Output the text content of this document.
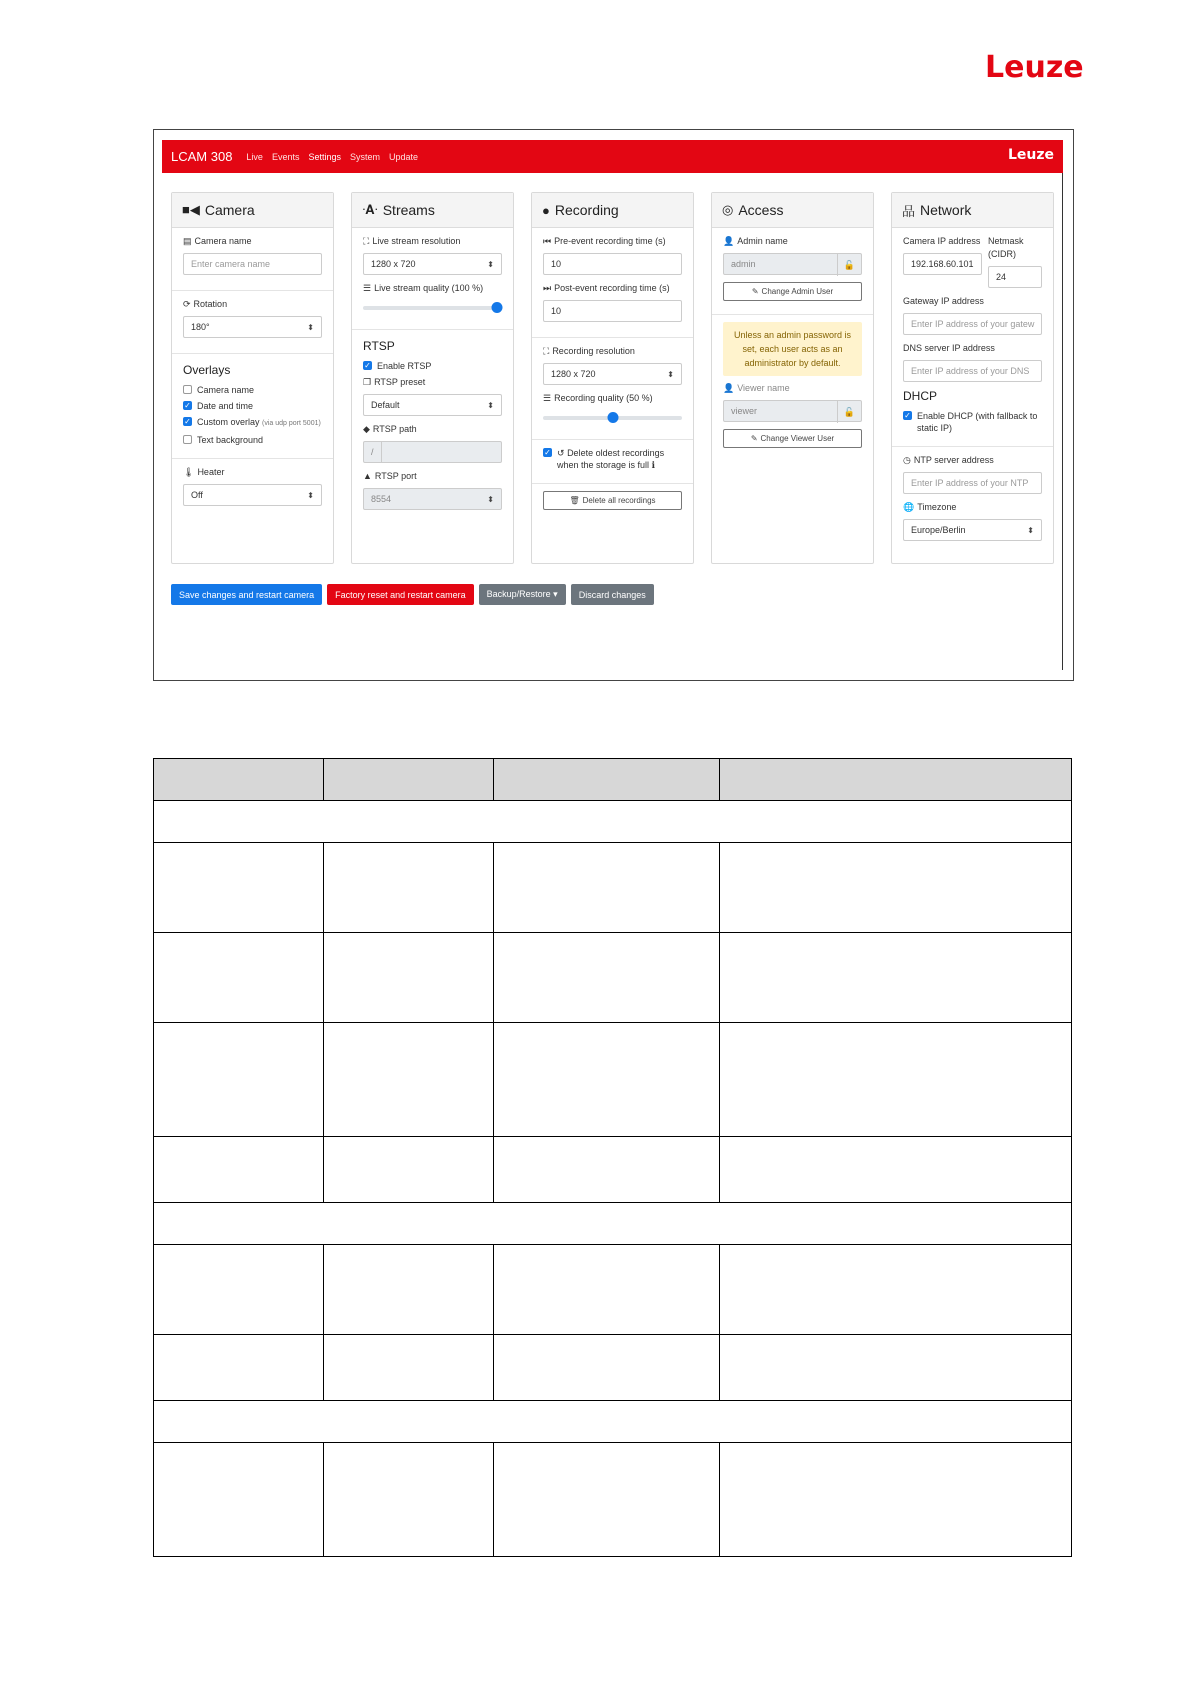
Leuze
LCAM 308 Live Events Settings System Update	Leuze
■◀ Camera
▤ Camera name
Enter camera name
⟳ Rotation
180°
⬍
Overlays
Camera name
✓ Date and time
✓ Custom overlay (via udp port 5001)
Text background
🌡 Heater
Off
⬍
ᐧ𝐀ᐧ Streams
⛶ Live stream resolution
1280 x 720
⬍
☰ Live stream quality (100 %)
RTSP
✓ Enable RTSP
❐ RTSP preset
Default
⬍
◆ RTSP path
/
▲ RTSP port
8554
⬍
● Recording
⏮ Pre-event recording time (s)
10
⏭ Post-event recording time (s)
10
⛶ Recording resolution
1280 x 720
⬍
☰ Recording quality (50 %)
✓ ↺ Delete oldest recordings when the storage is full ℹ
🗑 Delete all recordings
◎ Access
👤 Admin name
admin	🔓
✎ Change Admin User
Unless an admin password is set, each user acts as an administrator by default.
👤 Viewer name
viewer	🔓
✎ Change Viewer User
品 Network
Camera IP address
192.168.60.101
Netmask (CIDR)
24
Gateway IP address
Enter IP address of your gatew
DNS server IP address
Enter IP address of your DNS
DHCP
✓ Enable DHCP (with fallback to static IP)
◷ NTP server address
Enter IP address of your NTP
🌐 Timezone
Europe/Berlin
⬍
Save changes and restart camera	Factory reset and restart camera	Backup/Restore ▾	Discard changes
